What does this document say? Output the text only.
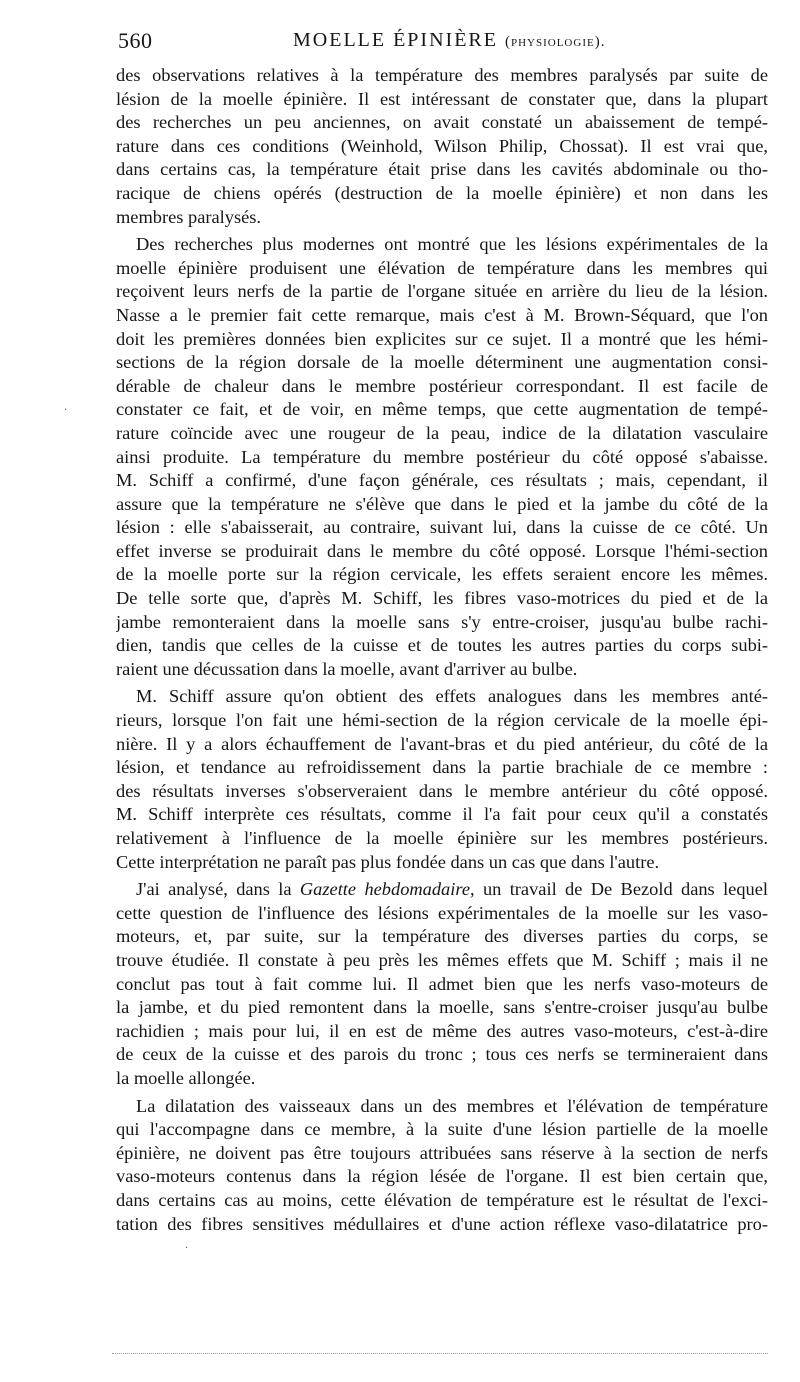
560	MOELLE ÉPINIÈRE (physiologie).
des observations relatives à la température des membres paralysés par suite de
lésion de la moelle épinière. Il est intéressant de constater que, dans la plupart
des recherches un peu anciennes, on avait constaté un abaissement de tempé-
rature dans ces conditions (Weinhold, Wilson Philip, Chossat). Il est vrai que,
dans certains cas, la température était prise dans les cavités abdominale ou tho-
racique de chiens opérés (destruction de la moelle épinière) et non dans les
membres paralysés.
Des recherches plus modernes ont montré que les lésions expérimentales de la
moelle épinière produisent une élévation de température dans les membres qui
reçoivent leurs nerfs de la partie de l'organe située en arrière du lieu de la lésion.
Nasse a le premier fait cette remarque, mais c'est à M. Brown-Séquard, que l'on
doit les premières données bien explicites sur ce sujet. Il a montré que les hémi-
sections de la région dorsale de la moelle déterminent une augmentation consi-
dérable de chaleur dans le membre postérieur correspondant. Il est facile de
constater ce fait, et de voir, en même temps, que cette augmentation de tempé-
rature coïncide avec une rougeur de la peau, indice de la dilatation vasculaire
ainsi produite. La température du membre postérieur du côté opposé s'abaisse.
M. Schiff a confirmé, d'une façon générale, ces résultats ; mais, cependant, il
assure que la température ne s'élève que dans le pied et la jambe du côté de la
lésion : elle s'abaisserait, au contraire, suivant lui, dans la cuisse de ce côté. Un
effet inverse se produirait dans le membre du côté opposé. Lorsque l'hémi-section
de la moelle porte sur la région cervicale, les effets seraient encore les mêmes.
De telle sorte que, d'après M. Schiff, les fibres vaso-motrices du pied et de la
jambe remonteraient dans la moelle sans s'y entre-croiser, jusqu'au bulbe rachi-
dien, tandis que celles de la cuisse et de toutes les autres parties du corps subi-
raient une décussation dans la moelle, avant d'arriver au bulbe.
M. Schiff assure qu'on obtient des effets analogues dans les membres anté-
rieurs, lorsque l'on fait une hémi-section de la région cervicale de la moelle épi-
nière. Il y a alors échauffement de l'avant-bras et du pied antérieur, du côté de la
lésion, et tendance au refroidissement dans la partie brachiale de ce membre :
des résultats inverses s'observeraient dans le membre antérieur du côté opposé.
M. Schiff interprète ces résultats, comme il l'a fait pour ceux qu'il a constatés
relativement à l'influence de la moelle épinière sur les membres postérieurs.
Cette interprétation ne paraît pas plus fondée dans un cas que dans l'autre.
J'ai analysé, dans la Gazette hebdomadaire, un travail de De Bezold dans lequel
cette question de l'influence des lésions expérimentales de la moelle sur les vaso-
moteurs, et, par suite, sur la température des diverses parties du corps, se
trouve étudiée. Il constate à peu près les mêmes effets que M. Schiff ; mais il ne
conclut pas tout à fait comme lui. Il admet bien que les nerfs vaso-moteurs de
la jambe, et du pied remontent dans la moelle, sans s'entre-croiser jusqu'au bulbe
rachidien ; mais pour lui, il en est de même des autres vaso-moteurs, c'est-à-dire
de ceux de la cuisse et des parois du tronc ; tous ces nerfs se termineraient dans
la moelle allongée.
La dilatation des vaisseaux dans un des membres et l'élévation de température
qui l'accompagne dans ce membre, à la suite d'une lésion partielle de la moelle
épinière, ne doivent pas être toujours attribuées sans réserve à la section de nerfs
vaso-moteurs contenus dans la région lésée de l'organe. Il est bien certain que,
dans certains cas au moins, cette élévation de température est le résultat de l'exci-
tation des fibres sensitives médullaires et d'une action réflexe vaso-dilatatrice pro-
·
·
